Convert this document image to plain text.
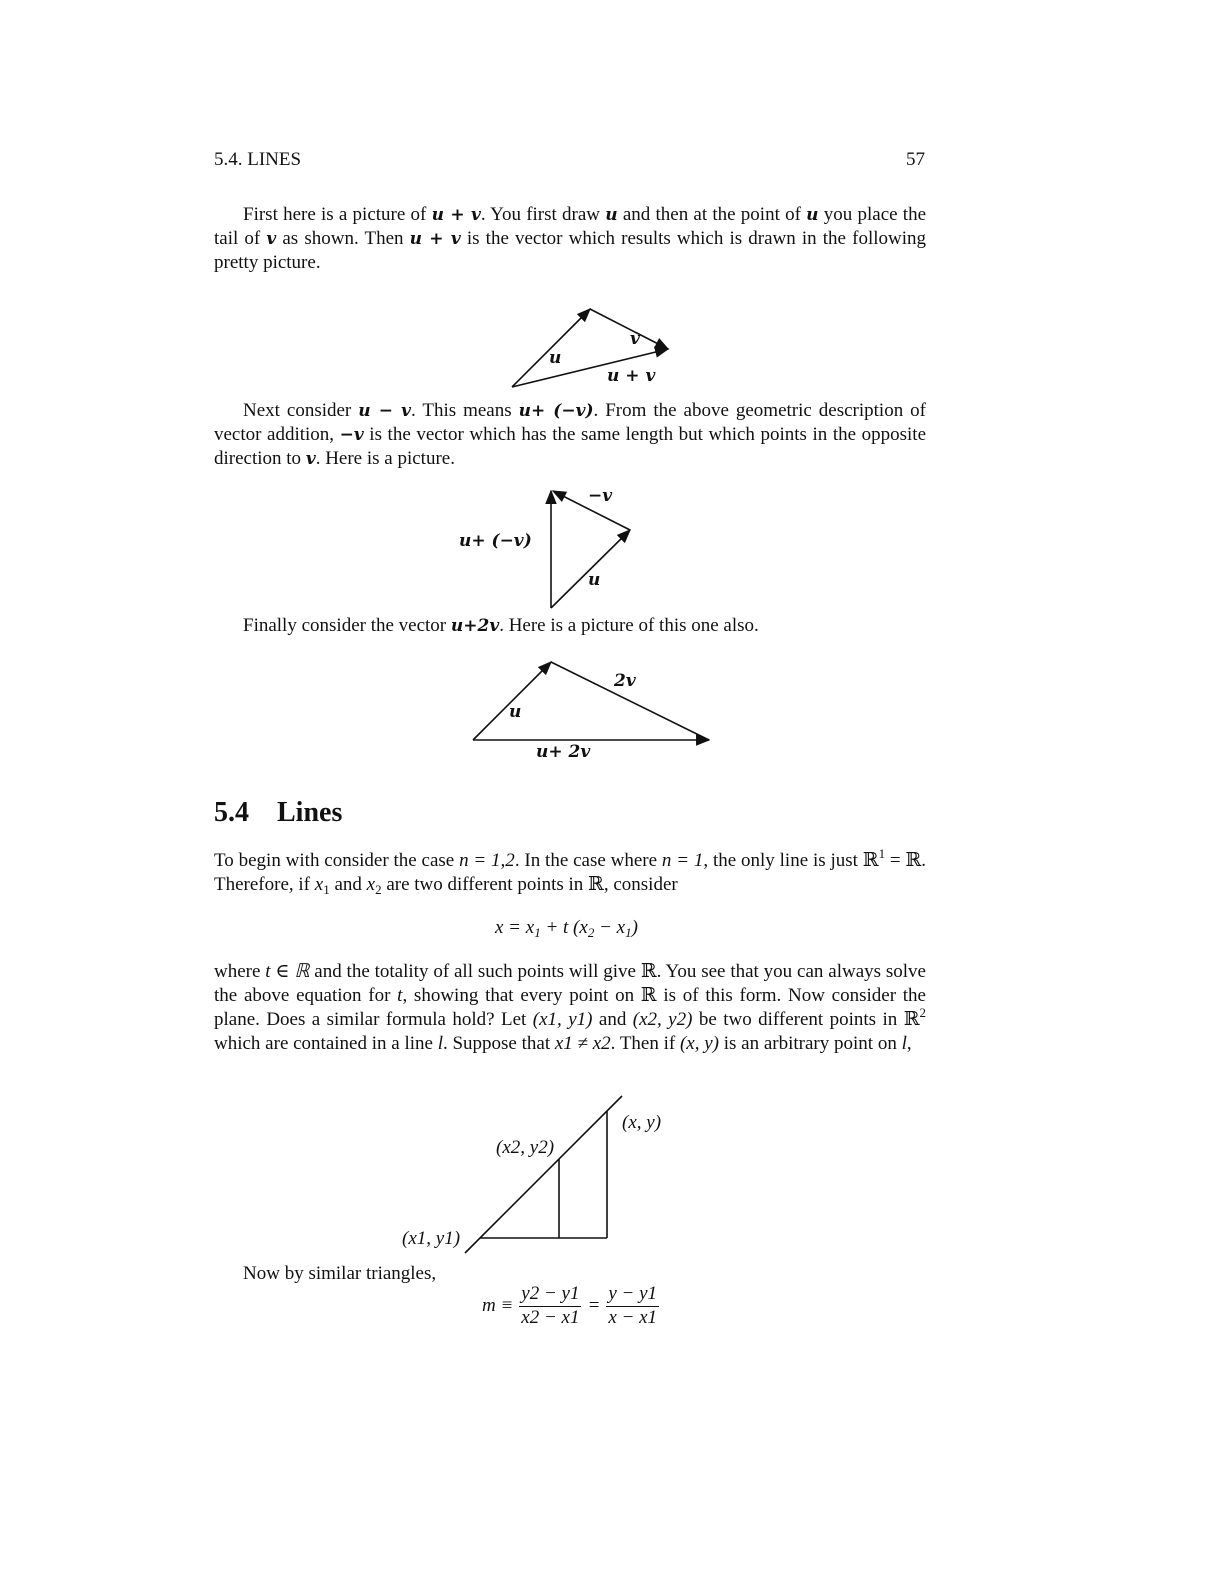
5.4. LINES	57
First here is a picture of u + v. You first draw u and then at the point of u you place the tail of v as shown. Then u + v is the vector which results which is drawn in the following pretty picture.
u
v
u + v
Next consider u − v. This means u+ (−v). From the above geometric description of vector addition, −v is the vector which has the same length but which points in the opposite direction to v. Here is a picture.
−v
u
u+ (−v)
Finally consider the vector u+2v. Here is a picture of this one also.
2v
u
u+ 2v
5.4 Lines
To begin with consider the case n = 1,2. In the case where n = 1, the only line is just ℝ$^1$ = ℝ. Therefore, if $x_1$ and $x_2$ are two different points in ℝ, consider
$x = x_1 + t$ $(x_2 - x_1)$
where t ∈ ℝ and the totality of all such points will give ℝ. You see that you can always solve the above equation for t, showing that every point on ℝ is of this form. Now consider the plane. Does a similar formula hold? Let (x1, y1) and (x2, y2) be two different points in ℝ$^2$ which are contained in a line l. Suppose that x1 ≠ x2. Then if (x, y) is an arbitrary point on l,
(x1, y1)
(x2, y2)
(x, y)
Now by similar triangles,
$m \equiv \frac{y2 - y1}{x2 - x1} = \frac{y - y1}{x - x1}$
